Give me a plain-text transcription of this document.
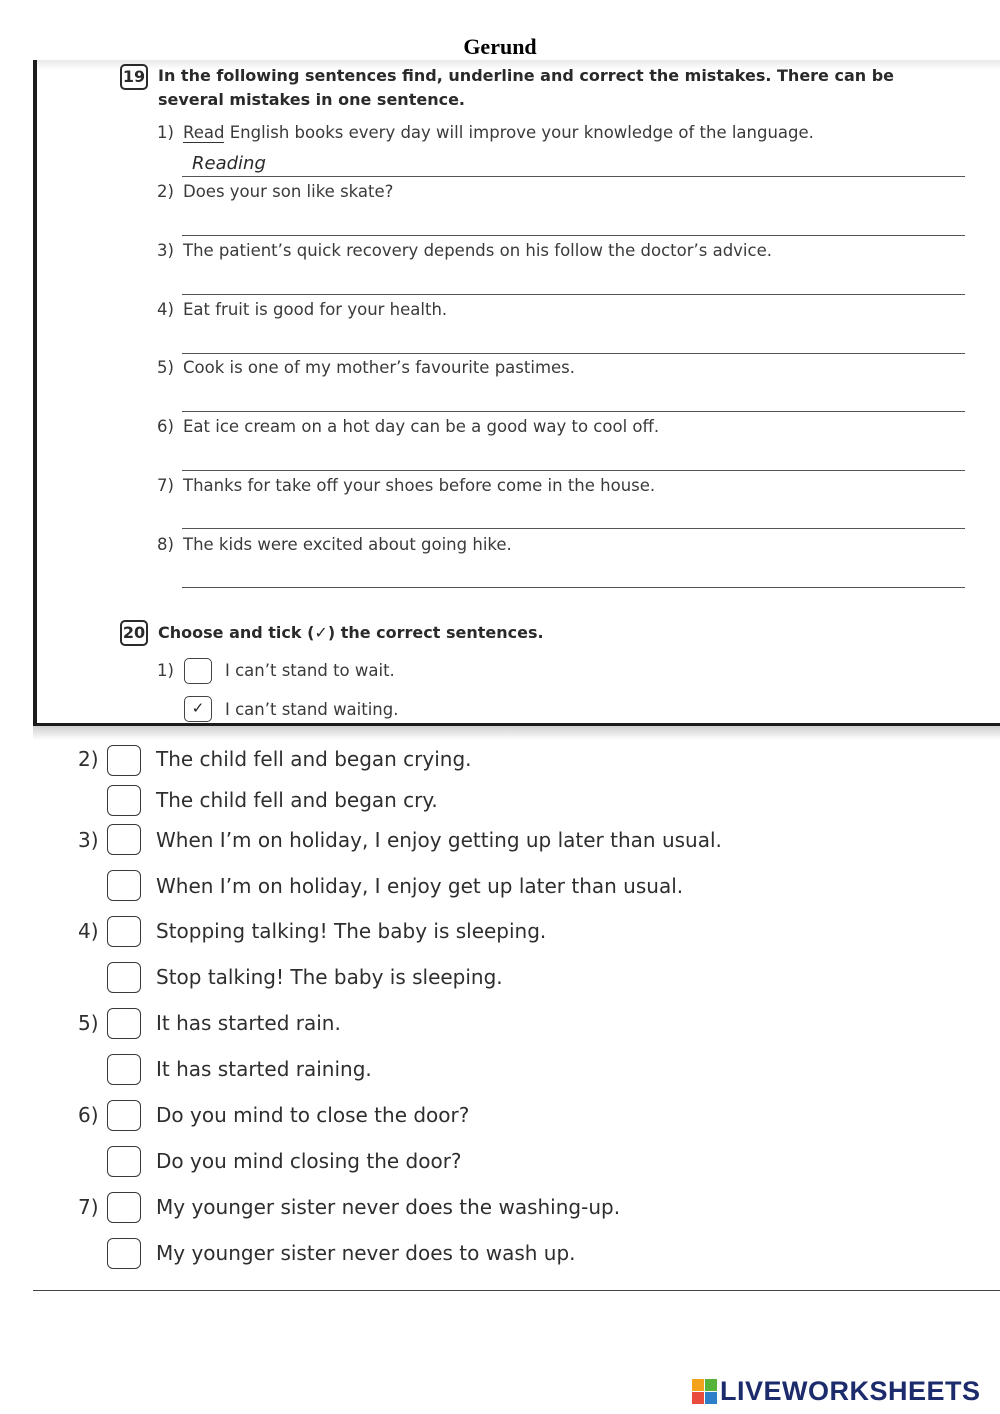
Gerund
19 In the following sentences find, underline and correct the mistakes. There can be several mistakes in one sentence.
1) Read English books every day will improve your knowledge of the language.
Reading
2) Does your son like skate?
3) The patient’s quick recovery depends on his follow the doctor’s advice.
4) Eat fruit is good for your health.
5) Cook is one of my mother’s favourite pastimes.
6) Eat ice cream on a hot day can be a good way to cool off.
7) Thanks for take off your shoes before come in the house.
8) The kids were excited about going hike.
20 Choose and tick (✓) the correct sentences.
1)	I can’t stand to wait.
✓	I can’t stand waiting.
2)	The child fell and began crying.
The child fell and began cry.
3)	When I’m on holiday, I enjoy getting up later than usual.
When I’m on holiday, I enjoy get up later than usual.
4)	Stopping talking! The baby is sleeping.
Stop talking! The baby is sleeping.
5)	It has started rain.
It has started raining.
6)	Do you mind to close the door?
Do you mind closing the door?
7)	My younger sister never does the washing-up.
My younger sister never does to wash up.
LIVEWORKSHEETS
